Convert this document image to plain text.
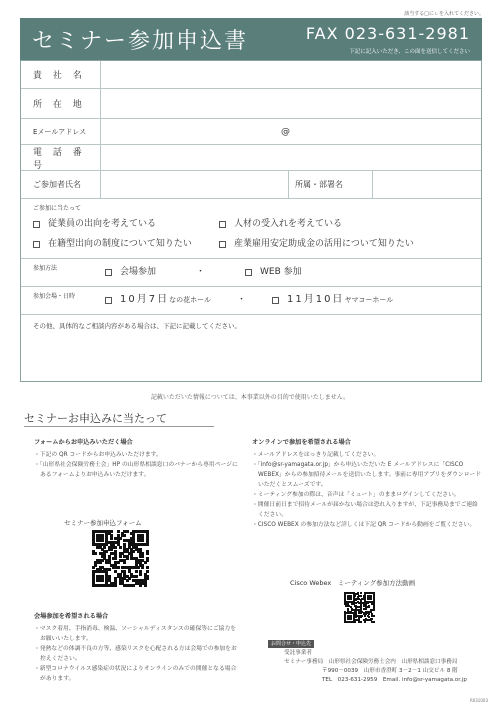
該当する□にㇾを入れてください。
セミナー参加申込書	FAX 023-631-2981
下記に記入いただき、この面を送信してください
貴 社 名
所 在 地
Eメールアドレス	@
電 話 番 号
ご参加者氏名	所属・部署名
ご参加に当たって
従業員の出向を考えている	人材の受入れを考えている
在籍型出向の制度について知りたい	産業雇用安定助成金の活用について知りたい
参加方法	会場参加	・	WEB 参加
参加会場・日時	10月7日 なの花ホール	・	11月10日 ヤマコーホール
その他、具体的なご相談内容がある場合は、下記に記載してください。
記載いただいた情報については、本事業以外の目的で使用いたしません。
セミナーお申込みに当たって
フォームからお申込みいただく場合

・下記の QR コードからお申込みいただけます。

・「山形県社会保険労務士会」HP の山形県相談窓口のバナーから専用ページにあるフォームよりお申込みいただけます。

セミナー参加申込フォーム
会場参加を希望される場合

・マスク着用、手指消毒、検温、ソーシャルディスタンスの確保等にご協力をお願いいたします。

・発熱などの体調不良の方等、感染リスクを心配される方は会場での参加をお控えください。

・新型コロナウイルス感染症の状況によりオンラインのみでの開催となる場合があります。

オンラインで参加を希望される場合

・メールアドレスをはっきり記載してください。

・「info@sr-yamagata.or.jp」から申込いただいた E メールアドレスに「CISCO WEBEX」からの参加招待メールを送信いたします。事前に専用アプリをダウンロードいただくとスムーズです。

・ミーティング参加の際は、音声は「ミュート」のままログインしてください。

・開催日前日まで招待メールが届かない場合は恐れ入りますが、下記事務局までご連絡ください。

・CISCO WEBEX の参加方法など詳しくは下記 QR コードから動画をご覧ください。

Cisco Webex　ミーティング参加方法動画
お問合せ・申込先
受託事業者
セミナー事務局　山形県社会保険労務士会内　山形県相談窓口事務局
〒990－0039　山形市香澄町 3－2－1 山交ビル 8 階
TEL　023-631-2959　Email. info@sr-yamagata.or.jp
R031003
